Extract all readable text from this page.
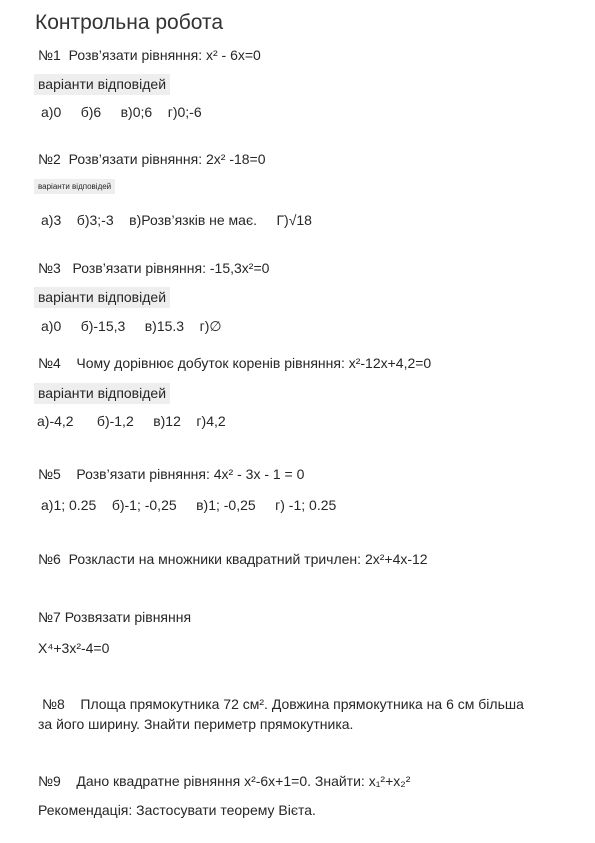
Контрольна робота
№1 Розв’язати рівняння: х² - 6х=0
варіанти відповідей
а)0 б)6 в)0;6 г)0;-6
№2 Розв’язати рівняння: 2х² -18=0
варіанти відповідей
а)3 б)3;-3 в)Розв’язків не має. Г)√18
№3 Розв’язати рівняння: -15,3х²=0
варіанти відповідей
а)0 б)-15,3 в)15.3 г)∅
№4 Чому дорівнює добуток коренів рівняння: х²-12х+4,2=0
варіанти відповідей
а)-4,2 б)-1,2 в)12 г)4,2
№5 Розв’язати рівняння: 4х² - 3х - 1 = 0
а)1; 0.25 б)-1; -0,25 в)1; -0,25 г) -1; 0.25
№6 Розкласти на множники квадратний тричлен: 2х²+4х-12
№7 Розвязати рівняння
Х⁴+3х²-4=0
№8 Площа прямокутника 72 см². Довжина прямокутника на 6 см більша
за його ширину. Знайти периметр прямокутника.
№9 Дано квадратне рівняння х²-6х+1=0. Знайти: х₁²+х₂²
Рекомендація: Застосувати теорему Вієта.
